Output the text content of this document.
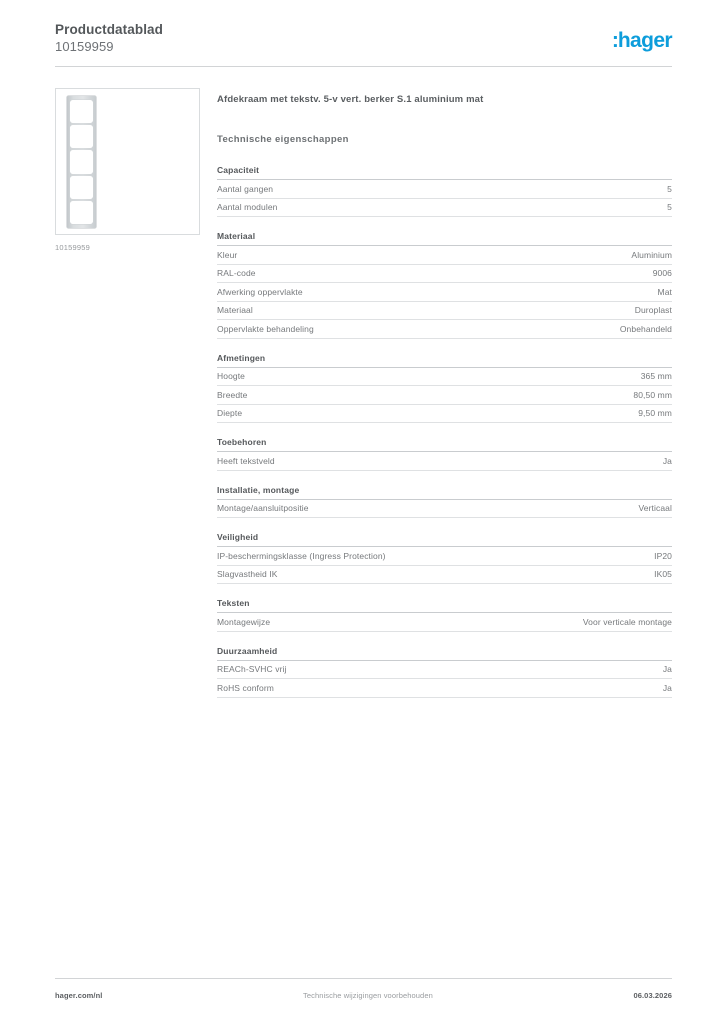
Productdatablad
10159959	:hager
10159959
Afdekraam met tekstv. 5-v vert. berker S.1 aluminium mat
Technische eigenschappen
Capaciteit
Aantal gangen	5
Aantal modulen	5
Materiaal
Kleur	Aluminium
RAL-code	9006
Afwerking oppervlakte	Mat
Materiaal	Duroplast
Oppervlakte behandeling	Onbehandeld
Afmetingen
Hoogte	365 mm
Breedte	80,50 mm
Diepte	9,50 mm
Toebehoren
Heeft tekstveld	Ja
Installatie, montage
Montage/aansluitpositie	Verticaal
Veiligheid
IP-beschermingsklasse (Ingress Protection)	IP20
Slagvastheid IK	IK05
Teksten
Montagewijze	Voor verticale montage
Duurzaamheid
REACh-SVHC vrij	Ja
RoHS conform	Ja
hager.com/nl	Technische wijzigingen voorbehouden	06.03.2026
